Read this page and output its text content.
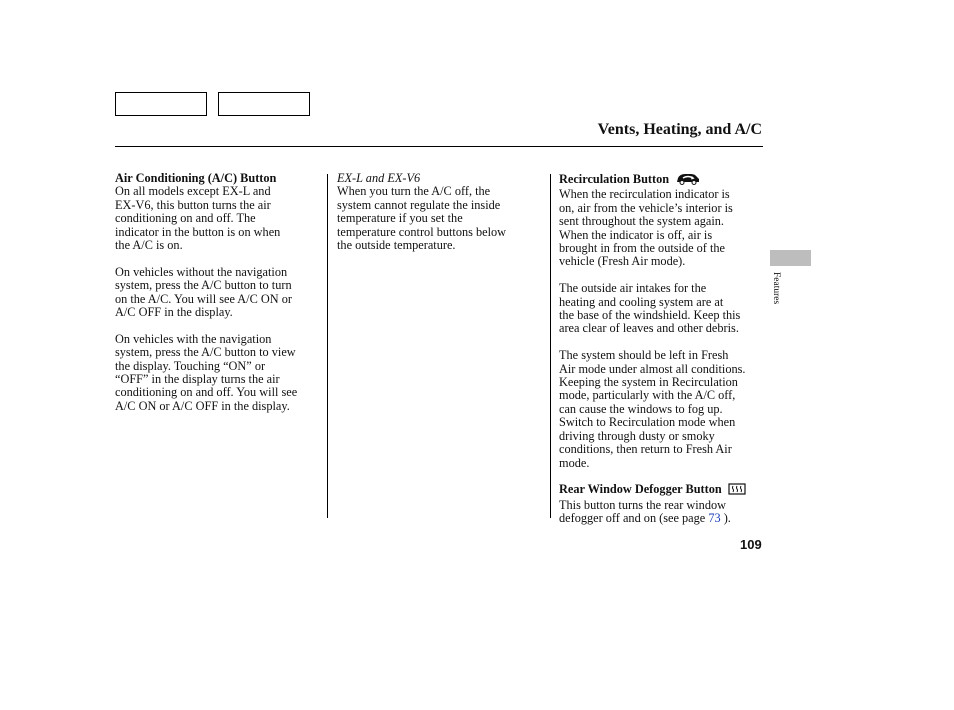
Vents, Heating, and A/C
Air Conditioning (A/C) Button
On all models except EX-L and
EX-V6, this button turns the air
conditioning on and off. The
indicator in the button is on when
the A/C is on.
On vehicles without the navigation
system, press the A/C button to turn
on the A/C. You will see A/C ON or
A/C OFF in the display.
On vehicles with the navigation
system, press the A/C button to view
the display. Touching “ON” or
“OFF” in the display turns the air
conditioning on and off. You will see
A/C ON or A/C OFF in the display.
EX-L and EX-V6
When you turn the A/C off, the
system cannot regulate the inside
temperature if you set the
temperature control buttons below
the outside temperature.
Recirculation Button
When the recirculation indicator is
on, air from the vehicle’s interior is
sent throughout the system again.
When the indicator is off, air is
brought in from the outside of the
vehicle (Fresh Air mode).
The outside air intakes for the
heating and cooling system are at
the base of the windshield. Keep this
area clear of leaves and other debris.
The system should be left in Fresh
Air mode under almost all conditions.
Keeping the system in Recirculation
mode, particularly with the A/C off,
can cause the windows to fog up.
Switch to Recirculation mode when
driving through dusty or smoky
conditions, then return to Fresh Air
mode.
Rear Window Defogger Button
This button turns the rear window
defogger off and on (see page 73 ).
Features
109
